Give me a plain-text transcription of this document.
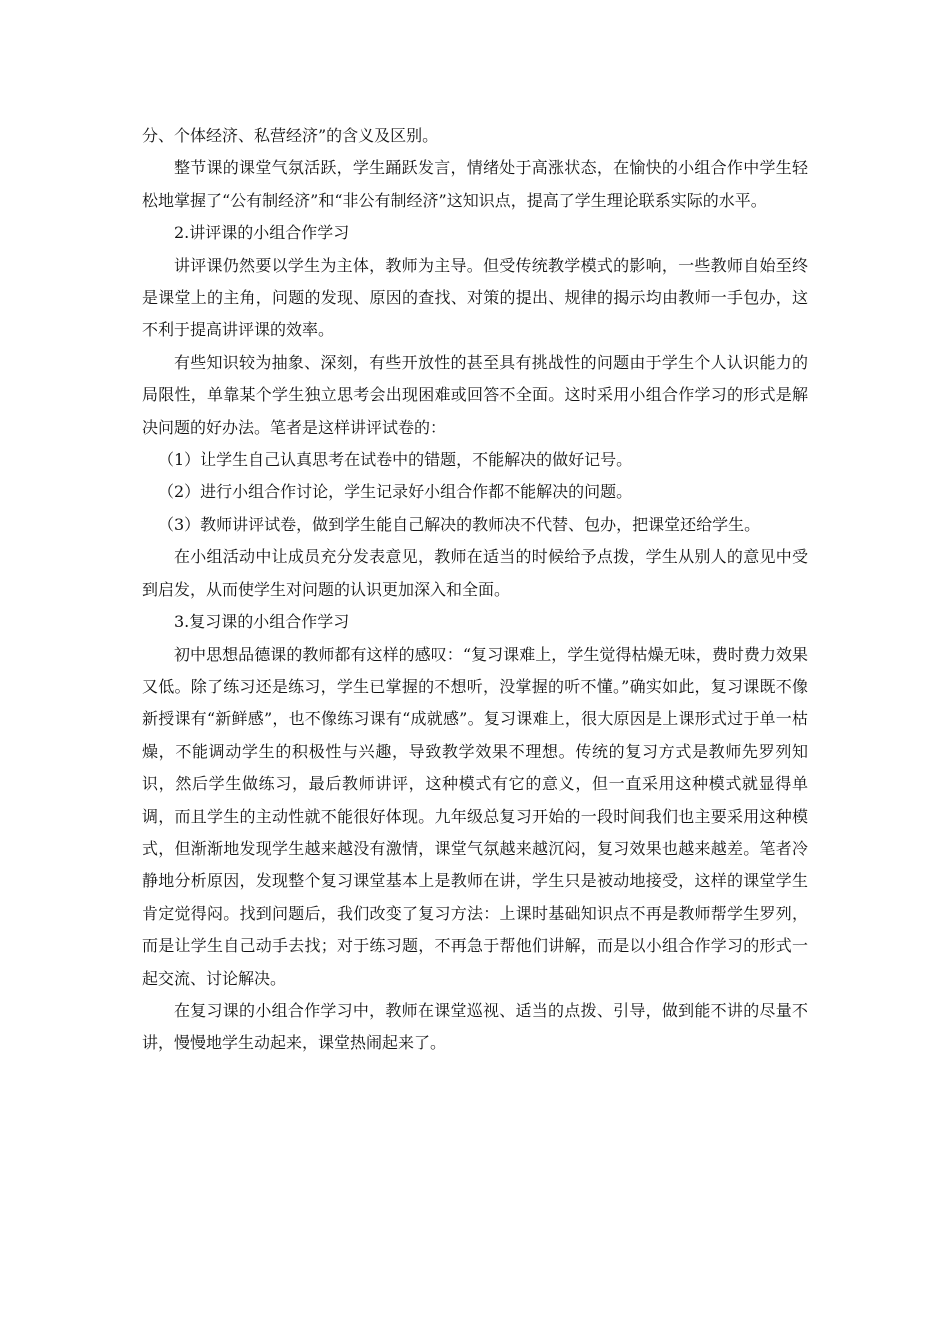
分、个体经济、私营经济”的含义及区别。

整节课的课堂气氛活跃，学生踊跃发言，情绪处于高涨状态，在愉快的小组合作中学生轻松地掌握了“公有制经济”和“非公有制经济”这知识点，提高了学生理论联系实际的水平。

2.讲评课的小组合作学习

讲评课仍然要以学生为主体，教师为主导。但受传统教学模式的影响，一些教师自始至终是课堂上的主角，问题的发现、原因的查找、对策的提出、规律的揭示均由教师一手包办，这不利于提高讲评课的效率。

有些知识较为抽象、深刻，有些开放性的甚至具有挑战性的问题由于学生个人认识能力的局限性，单靠某个学生独立思考会出现困难或回答不全面。这时采用小组合作学习的形式是解决问题的好办法。笔者是这样讲评试卷的：

（1）让学生自己认真思考在试卷中的错题，不能解决的做好记号。

（2）进行小组合作讨论，学生记录好小组合作都不能解决的问题。

（3）教师讲评试卷，做到学生能自己解决的教师决不代替、包办，把课堂还给学生。

在小组活动中让成员充分发表意见，教师在适当的时候给予点拨，学生从别人的意见中受到启发，从而使学生对问题的认识更加深入和全面。

3.复习课的小组合作学习

初中思想品德课的教师都有这样的感叹：“复习课难上，学生觉得枯燥无味，费时费力效果又低。除了练习还是练习，学生已掌握的不想听，没掌握的听不懂。”确实如此，复习课既不像新授课有“新鲜感”，也不像练习课有“成就感”。复习课难上，很大原因是上课形式过于单一枯燥，不能调动学生的积极性与兴趣，导致教学效果不理想。传统的复习方式是教师先罗列知识，然后学生做练习，最后教师讲评，这种模式有它的意义，但一直采用这种模式就显得单调，而且学生的主动性就不能很好体现。九年级总复习开始的一段时间我们也主要采用这种模式，但渐渐地发现学生越来越没有激情，课堂气氛越来越沉闷，复习效果也越来越差。笔者冷静地分析原因，发现整个复习课堂基本上是教师在讲，学生只是被动地接受，这样的课堂学生肯定觉得闷。找到问题后，我们改变了复习方法：上课时基础知识点不再是教师帮学生罗列，而是让学生自己动手去找；对于练习题，不再急于帮他们讲解，而是以小组合作学习的形式一起交流、讨论解决。

在复习课的小组合作学习中，教师在课堂巡视、适当的点拨、引导，做到能不讲的尽量不讲，慢慢地学生动起来，课堂热闹起来了。
